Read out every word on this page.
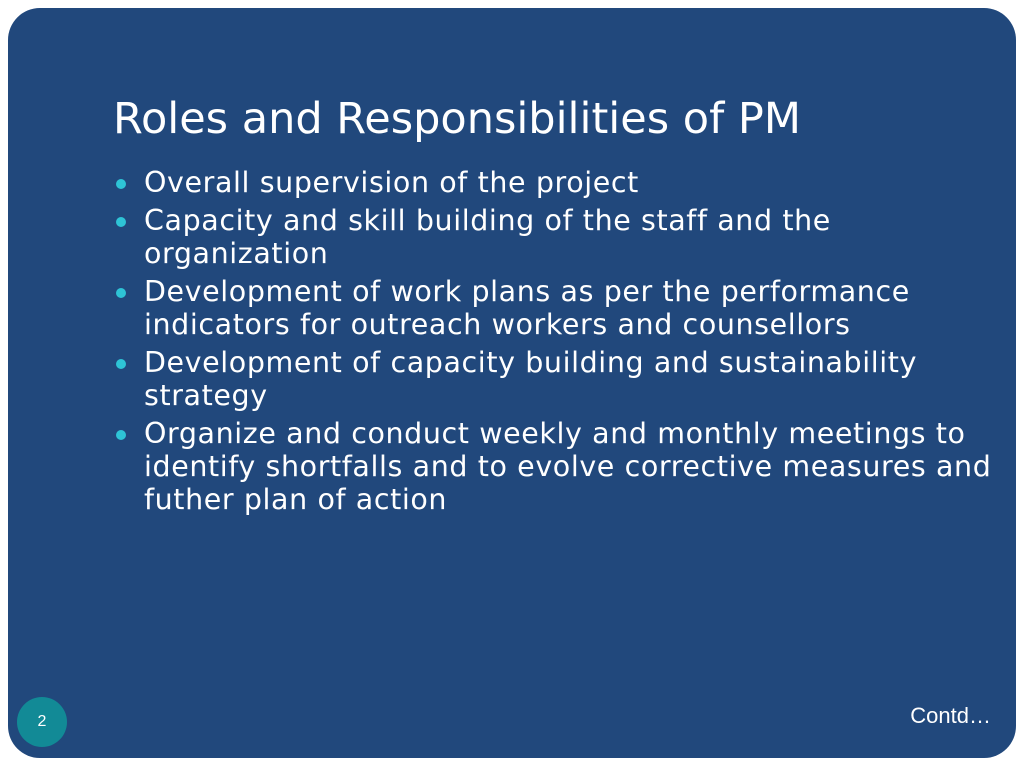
Roles and Responsibilities of PM
Overall supervision of the project
Capacity and skill building of the staff and the organization
Development of work plans as per the performance indicators for outreach workers and counsellors
Development of capacity building and sustainability strategy
Organize and conduct weekly and monthly meetings to identify shortfalls and to evolve corrective measures and futher plan of action
2	Contd…
